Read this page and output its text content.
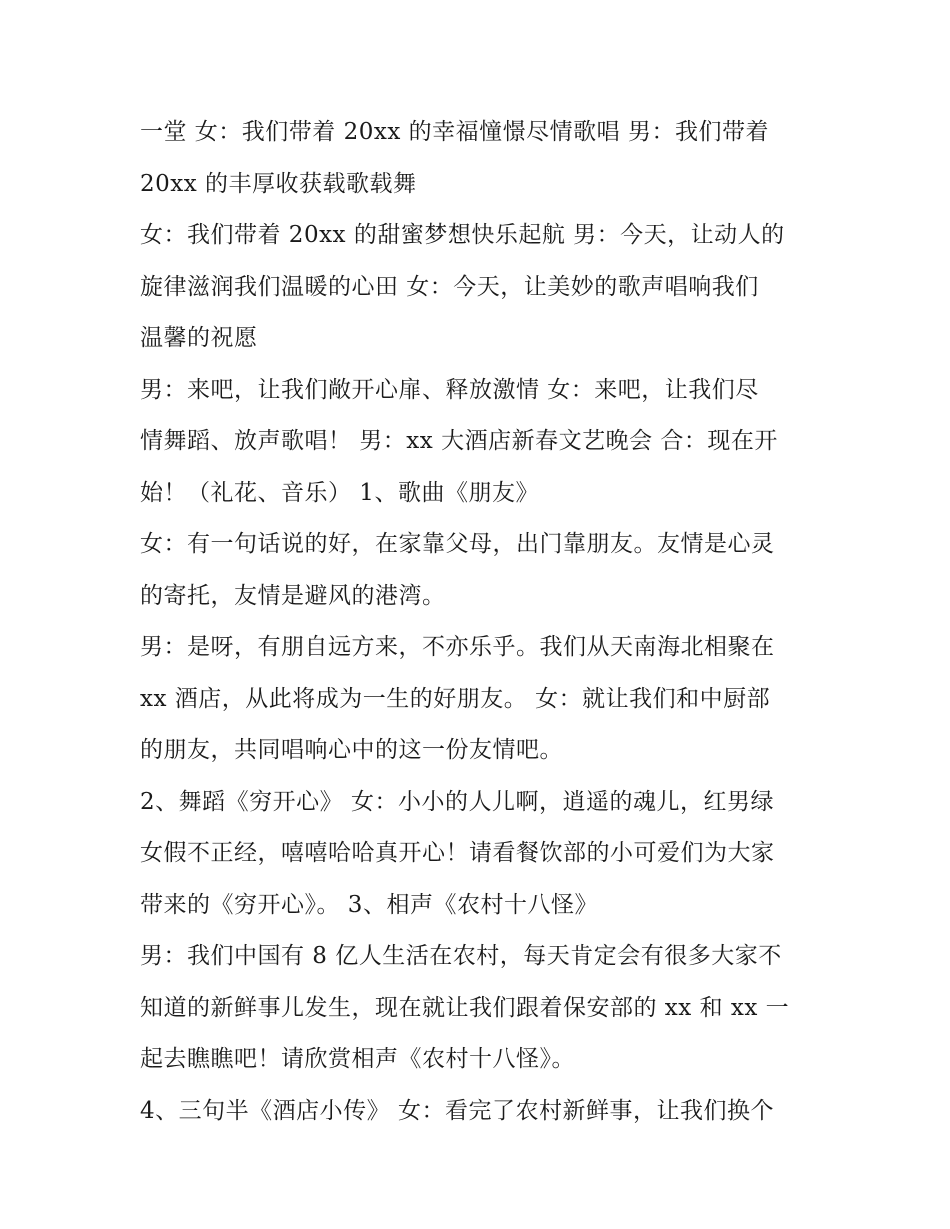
一堂 女：我们带着 20xx 的幸福憧憬尽情歌唱 男：我们带着
20xx 的丰厚收获载歌载舞
女：我们带着 20xx 的甜蜜梦想快乐起航 男：今天，让动人的
旋律滋润我们温暖的心田 女：今天，让美妙的歌声唱响我们
温馨的祝愿
男：来吧，让我们敞开心扉、释放激情 女：来吧，让我们尽
情舞蹈、放声歌唱！ 男：xx 大酒店新春文艺晚会 合：现在开
始！（礼花、音乐） 1、歌曲《朋友》
女：有一句话说的好，在家靠父母，出门靠朋友。友情是心灵
的寄托，友情是避风的港湾。
男：是呀，有朋自远方来，不亦乐乎。我们从天南海北相聚在
xx 酒店，从此将成为一生的好朋友。 女：就让我们和中厨部
的朋友，共同唱响心中的这一份友情吧。
2、舞蹈《穷开心》 女：小小的人儿啊，逍遥的魂儿，红男绿
女假不正经，嘻嘻哈哈真开心！请看餐饮部的小可爱们为大家
带来的《穷开心》。 3、相声《农村十八怪》
男：我们中国有 8 亿人生活在农村，每天肯定会有很多大家不
知道的新鲜事儿发生，现在就让我们跟着保安部的 xx 和 xx 一
起去瞧瞧吧！请欣赏相声《农村十八怪》。
4、三句半《酒店小传》 女：看完了农村新鲜事，让我们换个
